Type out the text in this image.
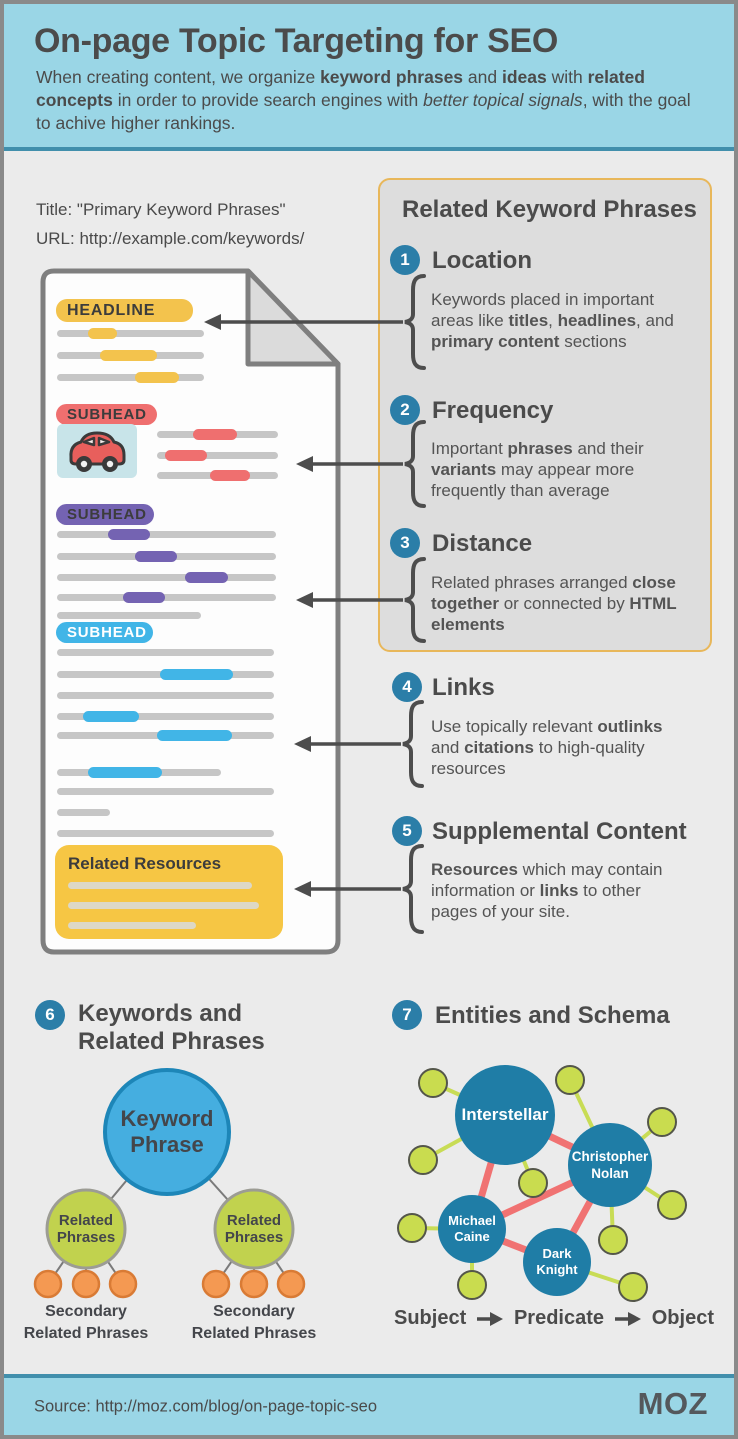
On-page Topic Targeting for SEO
When creating content, we organize keyword phrases and ideas with related concepts in order to provide search engines with better topical signals, with the goal to achive higher rankings.
Title: "Primary Keyword Phrases"
URL: http://example.com/keywords/
HEADLINE
SUBHEAD
SUBHEAD
SUBHEAD
Related Resources
Related Keyword Phrases
1 Location
Keywords placed in important areas like titles, headlines, and primary content sections
2 Frequency
Important phrases and their variants may appear more frequently than average
3 Distance
Related phrases arranged close together or connected by HTML elements
4 Links
Use topically relevant outlinks and citations to high-quality resources
5 Supplemental Content
Resources which may contain information or links to other pages of your site.
6 Keywords and Related Phrases
Keyword Phrase
Related Phrases
Related Phrases
Secondary Related Phrases
Secondary Related Phrases
7 Entities and Schema
Interstellar
Christopher Nolan
Michael Caine
Dark Knight
Subject Predicate Object
Source: http://moz.com/blog/on-page-topic-seo	MOZ
